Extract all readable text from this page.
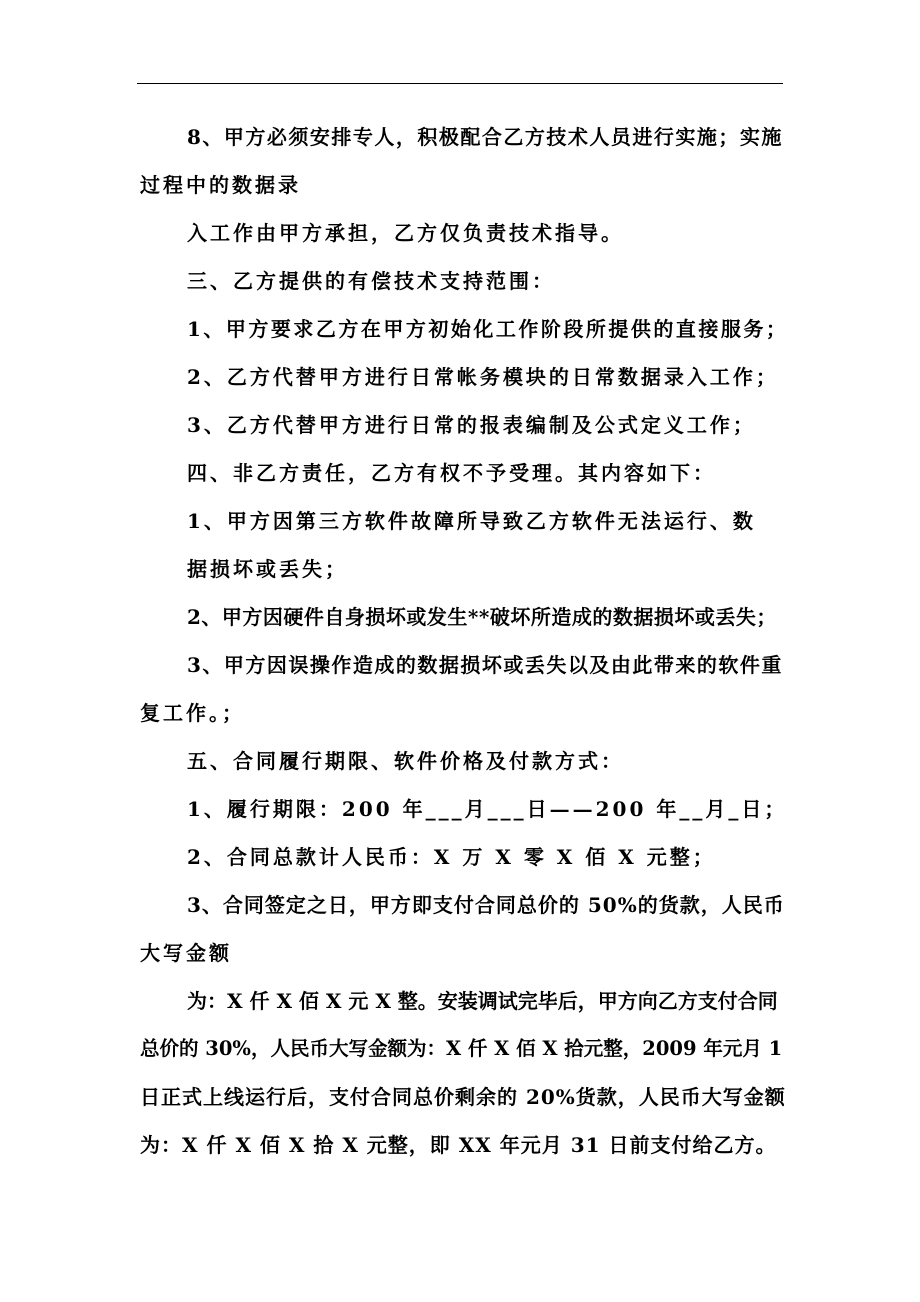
8、甲方必须安排专人，积极配合乙方技术人员进行实施；实施
过程中的数据录
入工作由甲方承担，乙方仅负责技术指导。
三、乙方提供的有偿技术支持范围：
1、甲方要求乙方在甲方初始化工作阶段所提供的直接服务；
2、乙方代替甲方进行日常帐务模块的日常数据录入工作；
3、乙方代替甲方进行日常的报表编制及公式定义工作；
四、非乙方责任，乙方有权不予受理。其内容如下：
1、甲方因第三方软件故障所导致乙方软件无法运行、数
据损坏或丢失；
2、甲方因硬件自身损坏或发生**破坏所造成的数据损坏或丢失；
3、甲方因误操作造成的数据损坏或丢失以及由此带来的软件重
复工作。；
五、合同履行期限、软件价格及付款方式：
1、履行期限：200 年___月___日——200 年__月_日；
2、合同总款计人民币：X 万 X 零 X 佰 X 元整；
3、合同签定之日，甲方即支付合同总价的 50%的货款，人民币
大写金额
为：X 仟 X 佰 X 元 X 整。安装调试完毕后，甲方向乙方支付合同
总价的 30%，人民币大写金额为：X 仟 X 佰 X 拾元整，2009 年元月 1
日正式上线运行后，支付合同总价剩余的 20%货款，人民币大写金额
为：X 仟 X 佰 X 拾 X 元整，即 XX 年元月 31 日前支付给乙方。
